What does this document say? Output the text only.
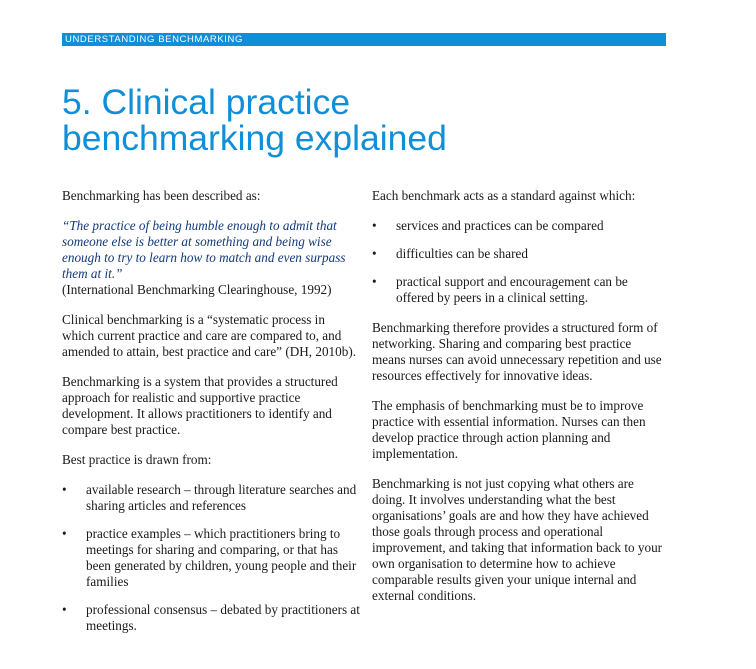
UNDERSTANDING BENCHMARKING
5. Clinical practice
benchmarking explained

Benchmarking has been described as:

“The practice of being humble enough to admit that someone else is better at something and being wise enough to try to learn how to match and even surpass them at it.”
(International Benchmarking Clearinghouse, 1992)

Clinical benchmarking is a “systematic process in which current practice and care are compared to, and amended to attain, best practice and care” (DH, 2010b).

Benchmarking is a system that provides a structured approach for realistic and supportive practice development. It allows practitioners to identify and compare best practice.

Best practice is drawn from:

•	available research – through literature searches and sharing articles and references
•	practice examples – which practitioners bring to meetings for sharing and comparing, or that has been generated by children, young people and their families
•	professional consensus – debated by practitioners at meetings.

Each benchmark acts as a standard against which:

•	services and practices can be compared
•	difficulties can be shared
•	practical support and encouragement can be offered by peers in a clinical setting.

Benchmarking therefore provides a structured form of networking. Sharing and comparing best practice means nurses can avoid unnecessary repetition and use resources effectively for innovative ideas.

The emphasis of benchmarking must be to improve practice with essential information. Nurses can then develop practice through action planning and implementation.

Benchmarking is not just copying what others are doing. It involves understanding what the best organisations’ goals are and how they have achieved those goals through process and operational improvement, and taking that information back to your own organisation to determine how to achieve comparable results given your unique internal and external conditions.
